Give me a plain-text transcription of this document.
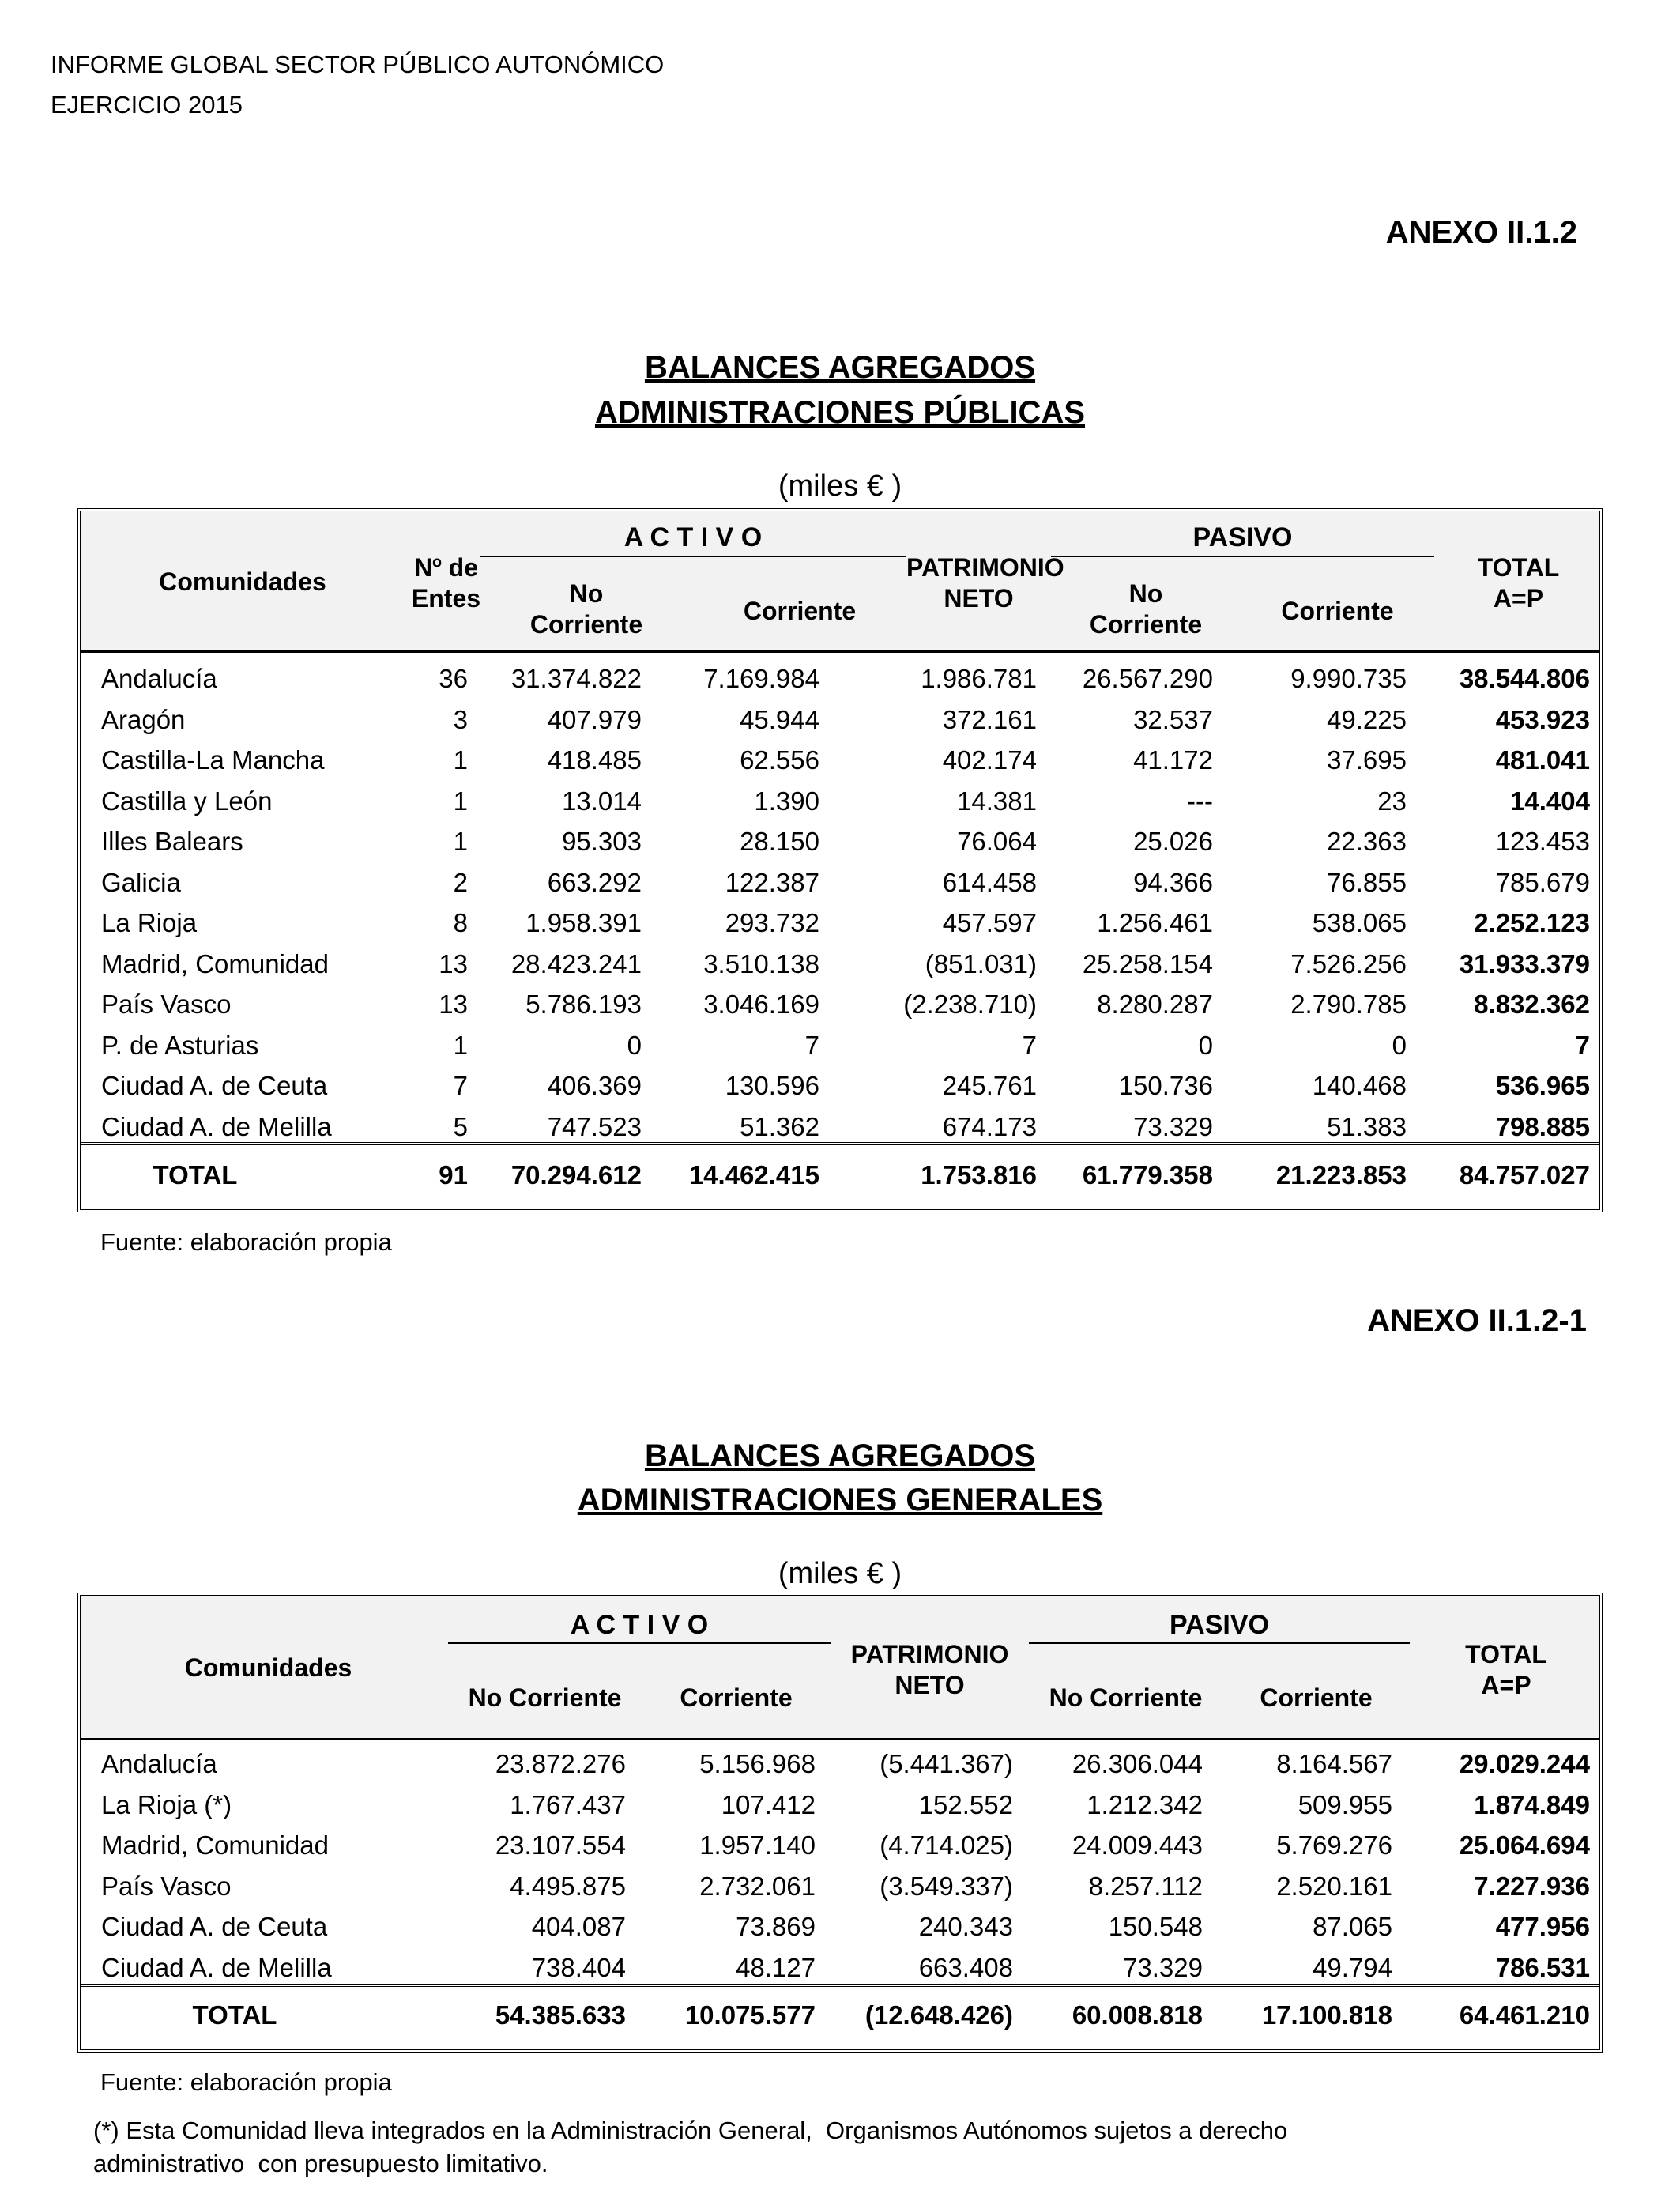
INFORME GLOBAL SECTOR PÚBLICO AUTONÓMICO
EJERCICIO 2015
ANEXO II.1.2
BALANCES AGREGADOS
ADMINISTRACIONES PÚBLICAS
(miles € )
Comunidades	Nº de
Entes
A C T I V O	PASIVO
No
Corriente	Corriente
PATRIMONIO
NETO	No
Corriente	Corriente
TOTAL
A=P
Andalucía	36	31.374.822	7.169.984	1.986.781	26.567.290	9.990.735	38.544.806
Aragón	3	407.979	45.944	372.161	32.537	49.225	453.923
Castilla-La Mancha	1	418.485	62.556	402.174	41.172	37.695	481.041
Castilla y León	1	13.014	1.390	14.381	---	23	14.404
Illes Balears	1	95.303	28.150	76.064	25.026	22.363	123.453
Galicia	2	663.292	122.387	614.458	94.366	76.855	785.679
La Rioja	8	1.958.391	293.732	457.597	1.256.461	538.065	2.252.123
Madrid, Comunidad	13	28.423.241	3.510.138	(851.031)	25.258.154	7.526.256	31.933.379
País Vasco	13	5.786.193	3.046.169	(2.238.710)	8.280.287	2.790.785	8.832.362
P. de Asturias	1	0	7	7	0	0	7
Ciudad A. de Ceuta	7	406.369	130.596	245.761	150.736	140.468	536.965
Ciudad A. de Melilla	5	747.523	51.362	674.173	73.329	51.383	798.885
TOTAL	91	70.294.612 14.462.415	1.753.816	61.779.358	21.223.853	84.757.027
Fuente: elaboración propia
ANEXO II.1.2-1
BALANCES AGREGADOS
ADMINISTRACIONES GENERALES
(miles € )
Comunidades
A C T I V O	PASIVO
No Corriente	Corriente
PATRIMONIO
NETO	No Corriente	Corriente
TOTAL
A=P
Andalucía	23.872.276	5.156.968	(5.441.367)	26.306.044	8.164.567	29.029.244
La Rioja (*)	1.767.437	107.412	152.552	1.212.342	509.955	1.874.849
Madrid, Comunidad	23.107.554	1.957.140	(4.714.025)	24.009.443	5.769.276	25.064.694
País Vasco	4.495.875	2.732.061	(3.549.337)	8.257.112	2.520.161	7.227.936
Ciudad A. de Ceuta	404.087	73.869	240.343	150.548	87.065	477.956
Ciudad A. de Melilla	738.404	48.127	663.408	73.329	49.794	786.531
TOTAL	54.385.633	10.075.577	(12.648.426)	60.008.818	17.100.818	64.461.210
Fuente: elaboración propia
(*) Esta Comunidad lleva integrados en la Administración General,  Organismos Autónomos sujetos a derecho
administrativo  con presupuesto limitativo.
